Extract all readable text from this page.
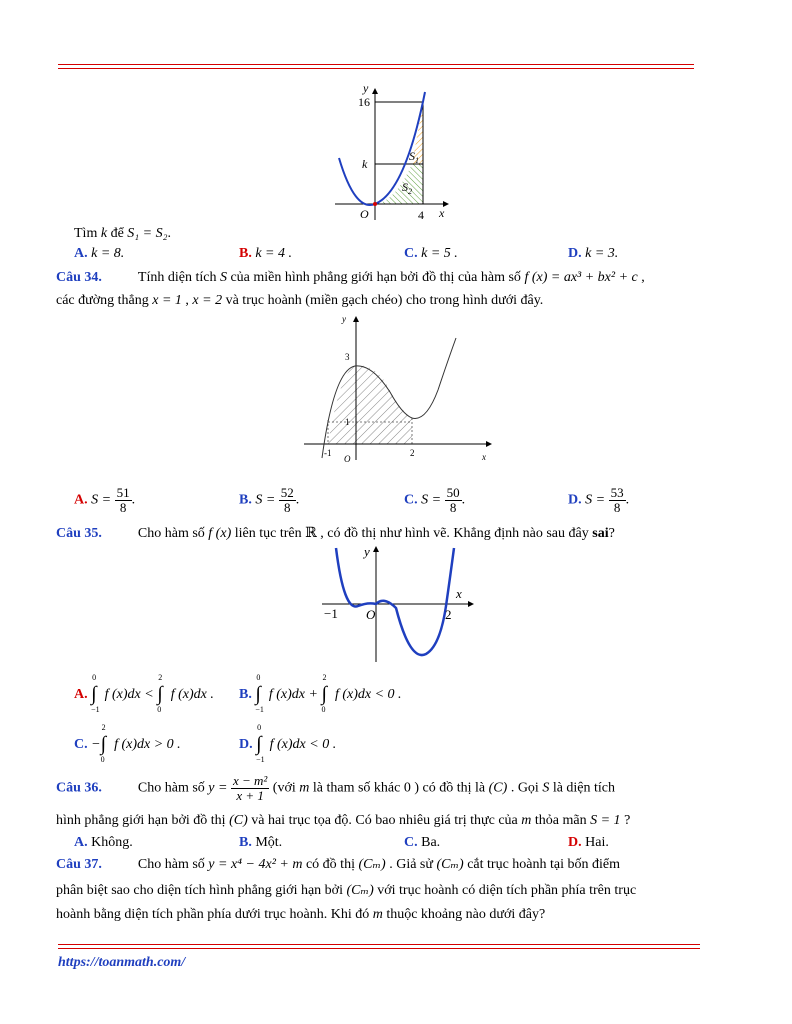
y
16
k
O	4 x
$S_1$
$S_2$
Tìm k để S₁ = S₂.
A. k = 8.	B. k = 4 .	C. k = 5 .	D. k = 3.
Câu 34.	Tính diện tích S của miền hình phẳng giới hạn bởi đồ thị của hàm số f (x) = ax³ + bx² + c ,
các đường thẳng x = 1 , x = 2 và trục hoành (miền gạch chéo) cho trong hình dưới đây.
y
3
1
-1
O
2	x
A. $S = \frac{51}{8}$ .	B. $S = \frac{52}{8}$ .	C. $S = \frac{50}{8}$ .	D. $S = \frac{53}{8}$ .
Câu 35.	Cho hàm số f (x) liên tục trên ℝ , có đồ thị như hình vẽ. Khẳng định nào sau đây sai?
y
−1 O	2
x
A.
0
∫
−1
f (x)dx <
2
∫
0
f (x)dx . B.
0
∫
−1
f (x)dx +
2
∫
0
f (x)dx < 0 .
C. −
2
∫
0
f (x)dx > 0 .	D.
0
∫
−1
f (x)dx < 0 .
Câu 36.	Cho hàm số $y = \frac{\text{x − m²}}{x + 1}$ (với m là tham số khác 0 ) có đồ thị là (C) . Gọi S là diện tích
hình phẳng giới hạn bởi đồ thị (C) và hai trục tọa độ. Có bao nhiêu giá trị thực của m thỏa mãn S = 1 ?
A. Không.	B. Một.	C. Ba.	D. Hai.
Câu 37.	Cho hàm số y = x⁴ − 4x² + m có đồ thị (Cₘ) . Giả sử (Cₘ) cắt trục hoành tại bốn điểm
phân biệt sao cho diện tích hình phẳng giới hạn bởi (Cₘ) với trục hoành có diện tích phần phía trên trục
hoành bằng diện tích phần phía dưới trục hoành. Khi đó m thuộc khoảng nào dưới đây?
https://toanmath.com/
